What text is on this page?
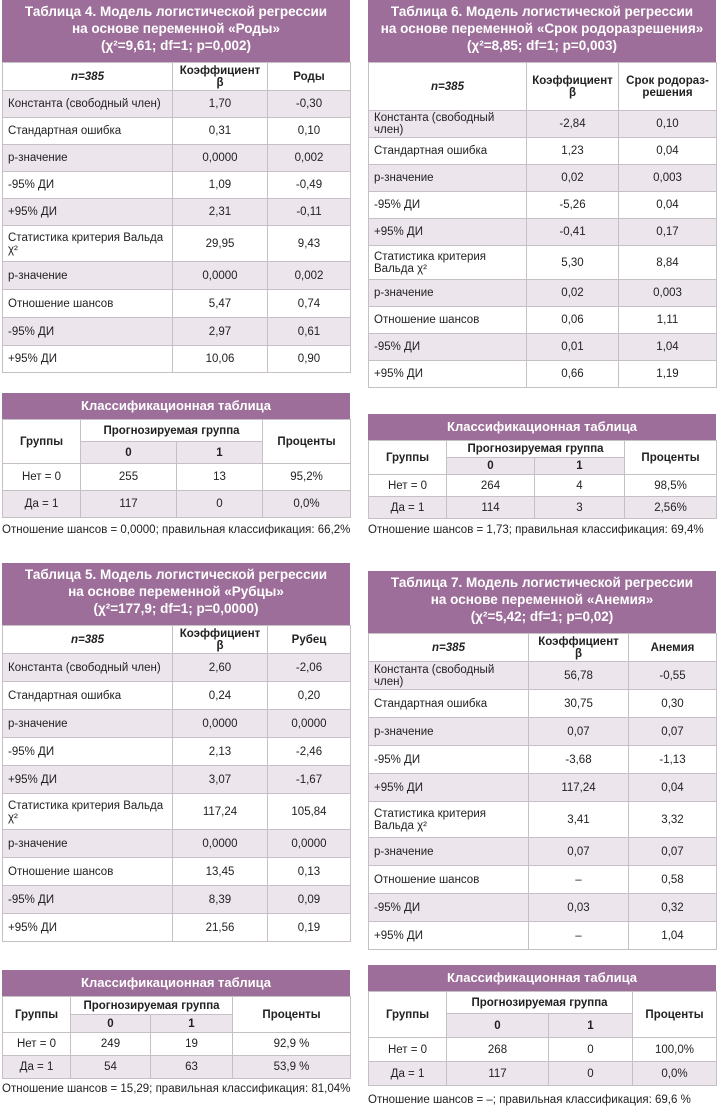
Таблица 4. Модель логистической регрессии
на основе переменной «Роды»
(χ²=9,61; df=1; p=0,002)
n=385	Коэффициент β	Роды
Константа (свободный член)	1,70	-0,30
Стандартная ошибка	0,31	0,10
p-значение	0,0000	0,002
-95% ДИ	1,09	-0,49
+95% ДИ	2,31	-0,11
Статистика критерия Вальда χ²	29,95	9,43
p-значение	0,0000	0,002
Отношение шансов	5,47	0,74
-95% ДИ	2,97	0,61
+95% ДИ	10,06	0,90
Классификационная таблица
Группы	Прогнозируемая группа		Проценты
	0	1	
Нет = 0	255	13	95,2%
Да = 1	117	0	0,0%
Отношение шансов = 0,0000; правильная классификация: 66,2%
Таблица 5. Модель логистической регрессии
на основе переменной «Рубцы»
(χ²=177,9; df=1; p=0,0000)
n=385	Коэффициент β	Рубец
Константа (свободный член)	2,60	-2,06
Стандартная ошибка	0,24	0,20
p-значение	0,0000	0,0000
-95% ДИ	2,13	-2,46
+95% ДИ	3,07	-1,67
Статистика критерия Вальда χ²	117,24	105,84
p-значение	0,0000	0,0000
Отношение шансов	13,45	0,13
-95% ДИ	8,39	0,09
+95% ДИ	21,56	0,19
Классификационная таблица
Группы	Прогнозируемая группа		Проценты
	0	1	
Нет = 0	249	19	92,9 %
Да = 1	54	63	53,9 %
Отношение шансов = 15,29; правильная классификация: 81,04%
Таблица 6. Модель логистической регрессии
на основе переменной «Срок родоразрешения»
(χ²=8,85; df=1; p=0,003)
n=385	Коэффициент β	Срок родораз-решения
Константа (свободный член)	-2,84	0,10
Стандартная ошибка	1,23	0,04
p-значение	0,02	0,003
-95% ДИ	-5,26	0,04
+95% ДИ	-0,41	0,17
Статистика критерия Вальда χ²	5,30	8,84
p-значение	0,02	0,003
Отношение шансов	0,06	1,11
-95% ДИ	0,01	1,04
+95% ДИ	0,66	1,19
Классификационная таблица
Группы	Прогнозируемая группа		Проценты
	0	1	
Нет = 0	264	4	98,5%
Да = 1	114	3	2,56%
Отношение шансов = 1,73; правильная классификация: 69,4%
Таблица 7. Модель логистической регрессии
на основе переменной «Анемия»
(χ²=5,42; df=1; p=0,02)
n=385	Коэффициент β	Анемия
Константа (свободный член)	56,78	-0,55
Стандартная ошибка	30,75	0,30
p-значение	0,07	0,07
-95% ДИ	-3,68	-1,13
+95% ДИ	117,24	0,04
Статистика критерия Вальда χ²	3,41	3,32
p-значение	0,07	0,07
Отношение шансов	–	0,58
-95% ДИ	0,03	0,32
+95% ДИ	–	1,04
Классификационная таблица
Группы	Прогнозируемая группа		Проценты
	0	1	
Нет = 0	268	0	100,0%
Да = 1	117	0	0,0%
Отношение шансов = –; правильная классификация: 69,6 %
